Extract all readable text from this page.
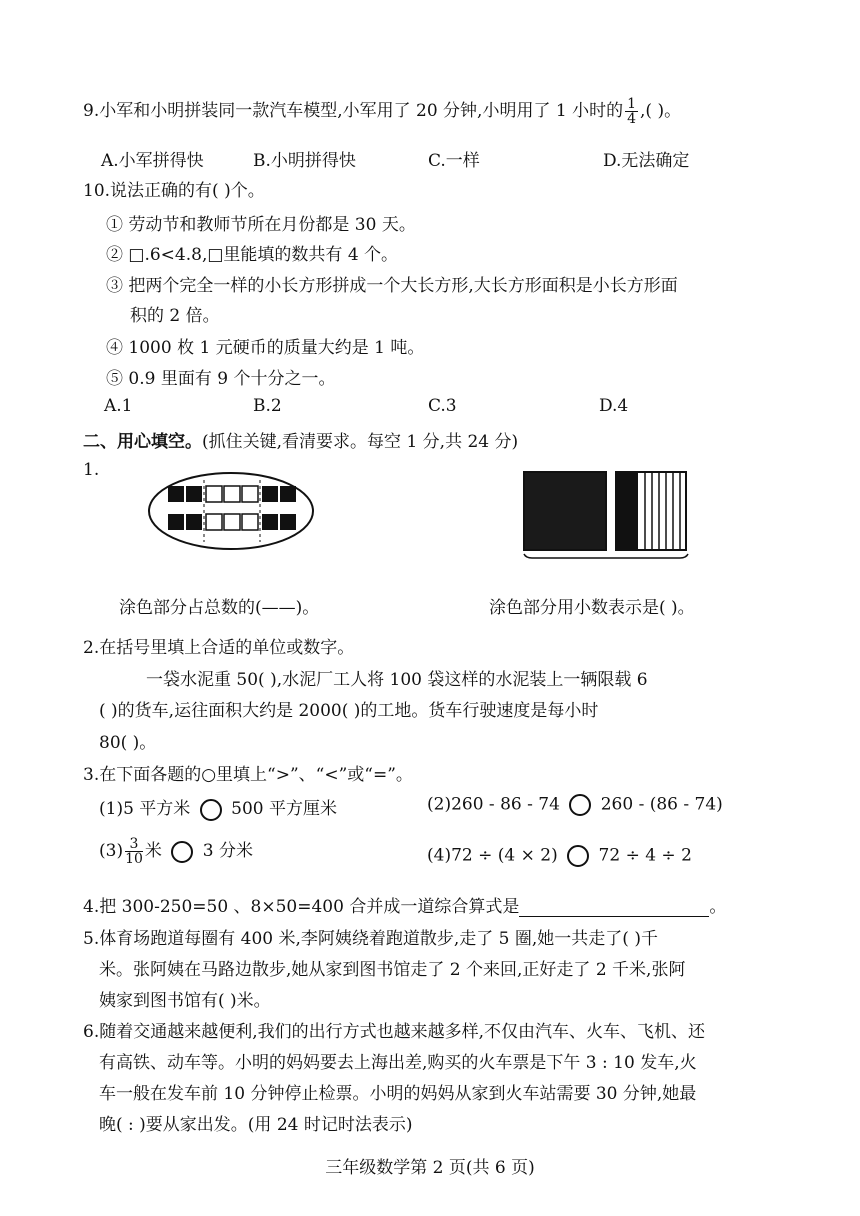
9.小军和小明拼装同一款汽车模型,小军用了 20 分钟,小明用了 1 小时的 $\frac{1}{4}$ ,( )。
A.小军拼得快	B.小明拼得快	C.一样	D.无法确定
10.说法正确的有( )个。
① 劳动节和教师节所在月份都是 30 天。
② □.6<4.8,□里能填的数共有 4 个。
③ 把两个完全一样的小长方形拼成一个大长方形,大长方形面积是小长方形面
积的 2 倍。
④ 1000 枚 1 元硬币的质量大约是 1 吨。
⑤ 0.9 里面有 9 个十分之一。
A.1	B.2	C.3	D.4
二、用心填空。(抓住关键,看清要求。每空 1 分,共 24 分)
1.
涂色部分占总数的(——)。	涂色部分用小数表示是( )。
2.在括号里填上合适的单位或数字。
一袋水泥重 50( ),水泥厂工人将 100 袋这样的水泥装上一辆限载 6
( )的货车,运往面积大约是 2000( )的工地。货车行驶速度是每小时
80( )。
3.在下面各题的○里填上“>”、“<”或“=”。
(1)5 平方米 500 平方厘米	(2)260 - 86 - 74 260 - (86 - 74)
$(3) \frac{3}{10}$ 米 3 分米	(4)72 ÷ (4 × 2) 72 ÷ 4 ÷ 2
4.把 300-250=50 、8×50=400 合并成一道综合算式是	。
5.体育场跑道每圈有 400 米,李阿姨绕着跑道散步,走了 5 圈,她一共走了( )千
米。张阿姨在马路边散步,她从家到图书馆走了 2 个来回,正好走了 2 千米,张阿
姨家到图书馆有( )米。
6.随着交通越来越便利,我们的出行方式也越来越多样,不仅由汽车、火车、飞机、还
有高铁、动车等。小明的妈妈要去上海出差,购买的火车票是下午 3 : 10 发车,火
车一般在发车前 10 分钟停止检票。小明的妈妈从家到火车站需要 30 分钟,她最
晚( : )要从家出发。(用 24 时记时法表示)
三年级数学第 2 页(共 6 页)
